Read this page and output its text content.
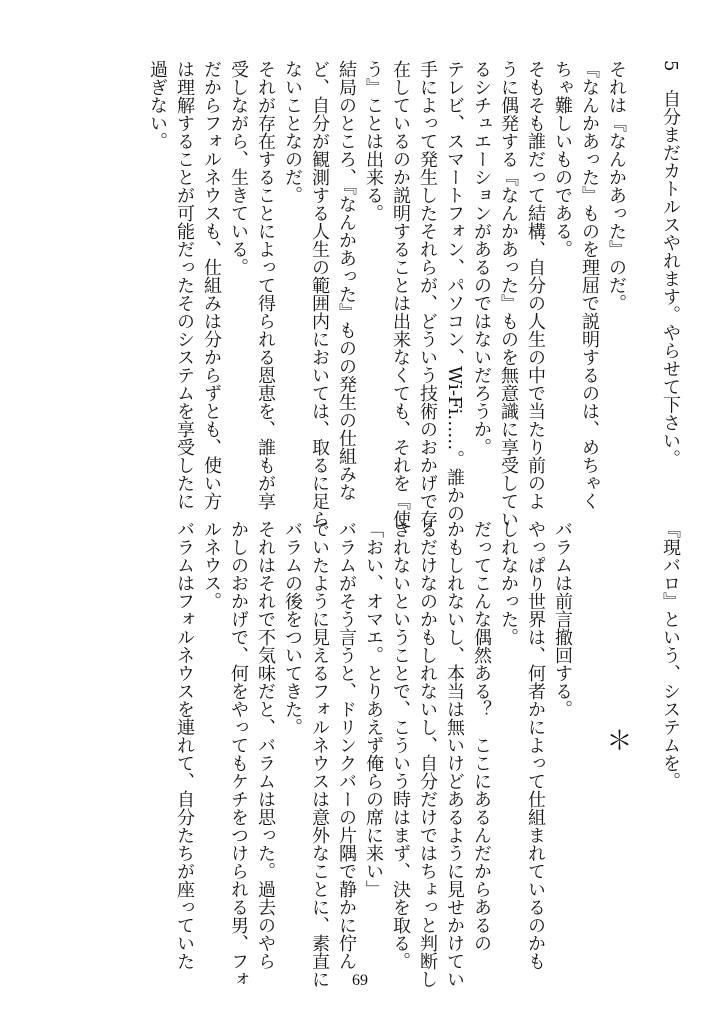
5　自分まだカトルスやれます。やらせて下さい。

それは『なんかあった』のだ。

『なんかあった』ものを理屈で説明するのは、めちゃく

ちゃ難しいものである。

そもそも誰だって結構、自分の人生の中で当たり前のよ

うに偶発する『なんかあった』ものを無意識に享受してい

るシチュエーションがあるのではないだろうか。

テレビ、スマートフォン、パソコン、Wi-Fi……。誰かの

手によって発生したそれらが、どういう技術のおかげで存

在しているのか説明することは出来なくても、それを『使

う』ことは出来る。

結局のところ、『なんかあった』ものの発生の仕組みな

ど、自分が観測する人生の範囲内においては、取るに足ら

ないことなのだ。

それが存在することによって得られる恩恵を、誰もが享

受しながら、生きている。

だからフォルネウスも、仕組みは分からずとも、使い方

は理解することが可能だったそのシステムを享受したに

過ぎない。

『現バロ』という、システムを。

＊

バラムは前言撤回する。

やっぱり世界は、何者かによって仕組まれているのかも

しれなかった。

だってこんな偶然ある？　ここにあるんだからあるの

かもしれないし、本当は無いけどあるように見せかけてい

るだけなのかもしれないし、自分だけではちょっと判断し

きれないということで、こういう時はまず、決を取る。

「おい、オマエ。とりあえず俺らの席に来い」

バラムがそう言うと、ドリンクバーの片隅で静かに佇ん

でいたように見えるフォルネウスは意外なことに、素直に

バラムの後をついてきた。

それはそれで不気味だと、バラムは思った。過去のやら

かしのおかげで、何をやってもケチをつけられる男、フォ

ルネウス。

バラムはフォルネウスを連れて、自分たちが座っていた

69
